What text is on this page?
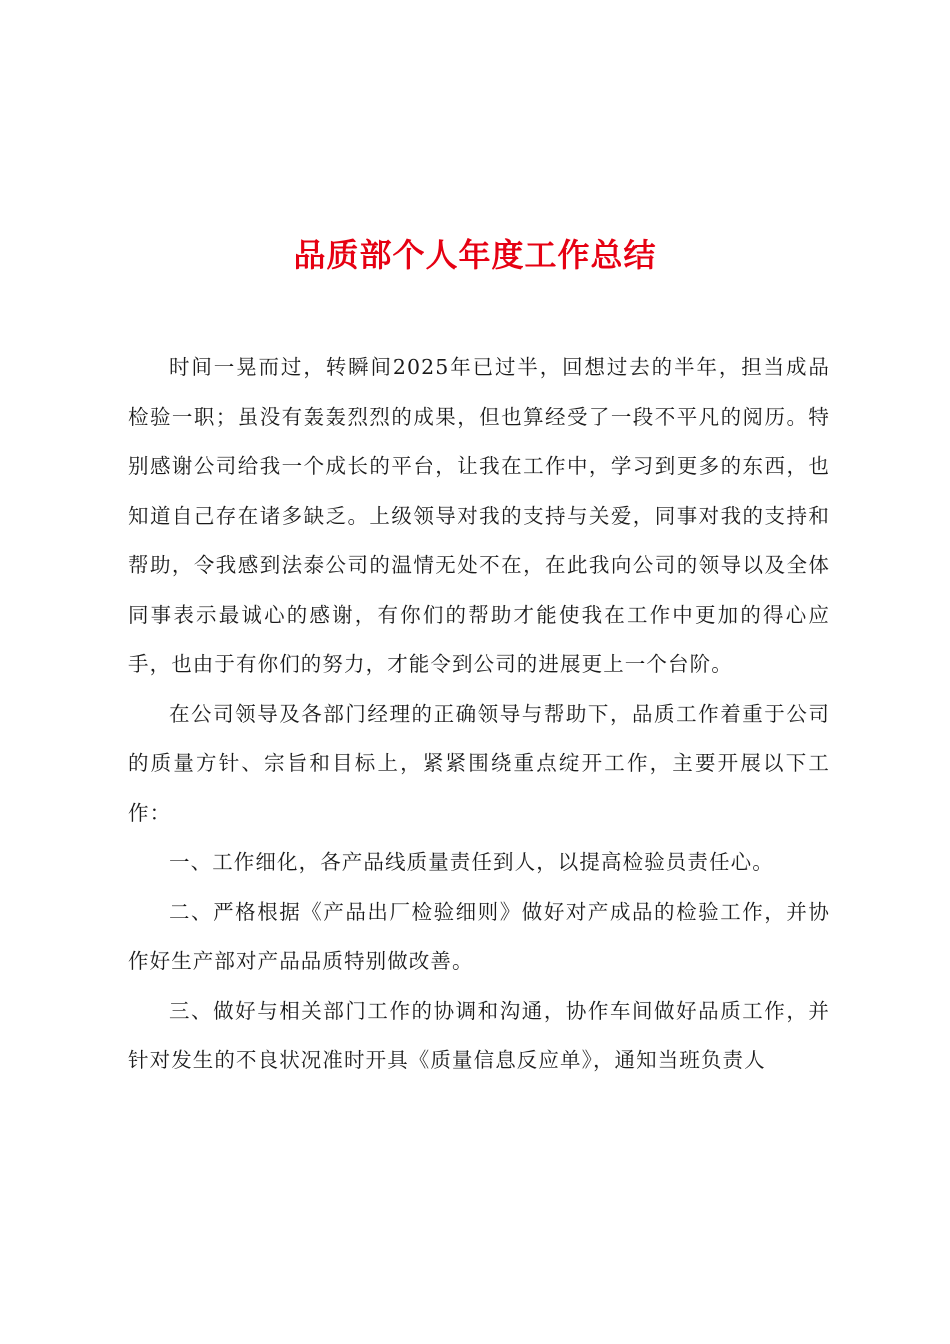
品质部个人年度工作总结

时间一晃而过，转瞬间2025年已过半，回想过去的半年，担当成品检验一职；虽没有轰轰烈烈的成果，但也算经受了一段不平凡的阅历。特别感谢公司给我一个成长的平台，让我在工作中，学习到更多的东西，也知道自己存在诸多缺乏。上级领导对我的支持与关爱，同事对我的支持和帮助，令我感到法泰公司的温情无处不在，在此我向公司的领导以及全体同事表示最诚心的感谢，有你们的帮助才能使我在工作中更加的得心应手，也由于有你们的努力，才能令到公司的进展更上一个台阶。

在公司领导及各部门经理的正确领导与帮助下，品质工作着重于公司的质量方针、宗旨和目标上，紧紧围绕重点绽开工作，主要开展以下工作：

一、工作细化，各产品线质量责任到人，以提高检验员责任心。

二、严格根据《产品出厂检验细则》做好对产成品的检验工作，并协作好生产部对产品品质特别做改善。

三、做好与相关部门工作的协调和沟通，协作车间做好品质工作，并针对发生的不良状况准时开具《质量信息反应单》，通知当班负责人
